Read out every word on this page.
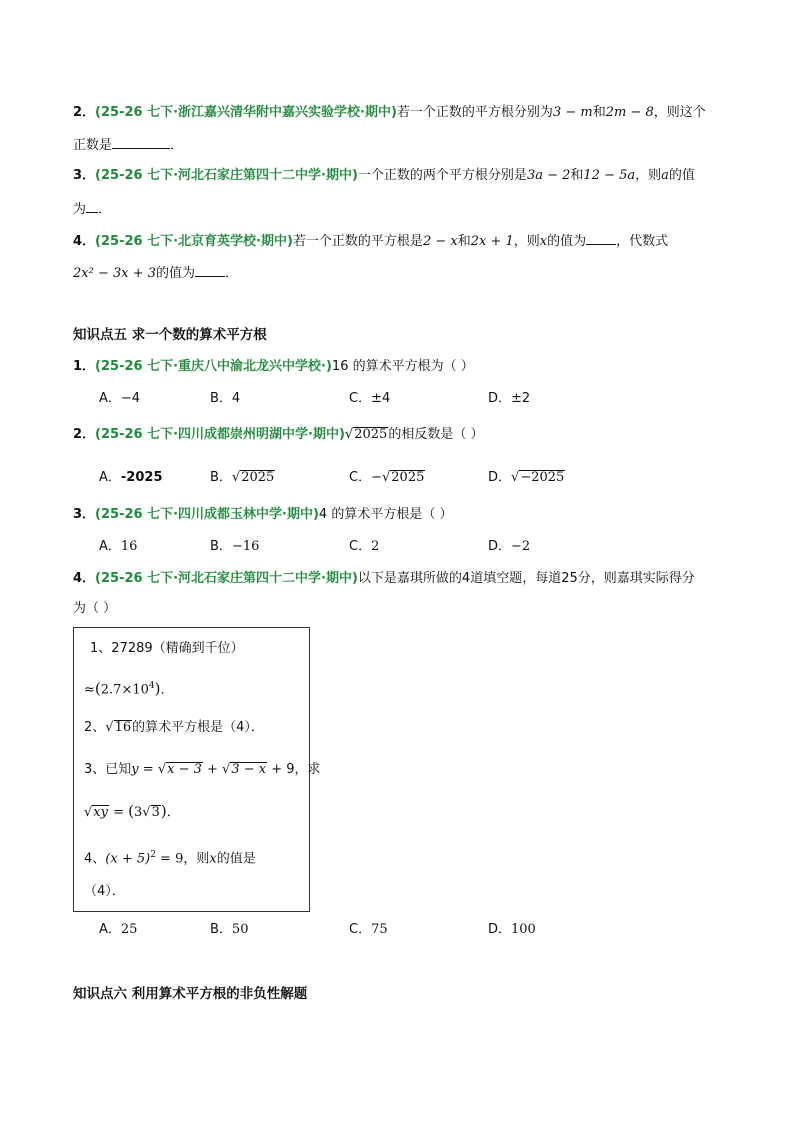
2．(25-26 七下·浙江嘉兴清华附中嘉兴实验学校·期中)若一个正数的平方根分别为3 − m和2m − 8，则这个
正数是	．
3．(25-26 七下·河北石家庄第四十二中学·期中)一个正数的两个平方根分别是3a − 2和12 − 5a，则a的值
为 ．
4．(25-26 七下·北京育英学校·期中)若一个正数的平方根是2 − x和2x + 1，则x的值为 ，代数式
2x² − 3x + 3的值为 ．
知识点五 求一个数的算术平方根
1．(25-26 七下·重庆八中渝北龙兴中学校·)16 的算术平方根为（ ）
A．−4	B．4	C．±4	D．±2
2．(25-26 七下·四川成都崇州明湖中学·期中)√2025的相反数是（ ）
A．-2025	B．√2025	C．−√2025	D．√−2025
3．(25-26 七下·四川成都玉林中学·期中)4 的算术平方根是（ ）
A．16	B．−16	C．2	D．−2
4．(25-26 七下·河北石家庄第四十二中学·期中)以下是嘉琪所做的4道填空题，每道25分，则嘉琪实际得分
为（ ）
1、27289（精确到千位）
$\approx(2.7\times 10^4)$．
2、√16的算术平方根是（4）．
3、已知y = √x − 3 + √3 − x + 9，求
√xy = (3√3)．
4、$(x + 5)^2 = 9$，则x的值是
（4）．
A．25	B．50	C．75	D．100
知识点六 利用算术平方根的非负性解题
